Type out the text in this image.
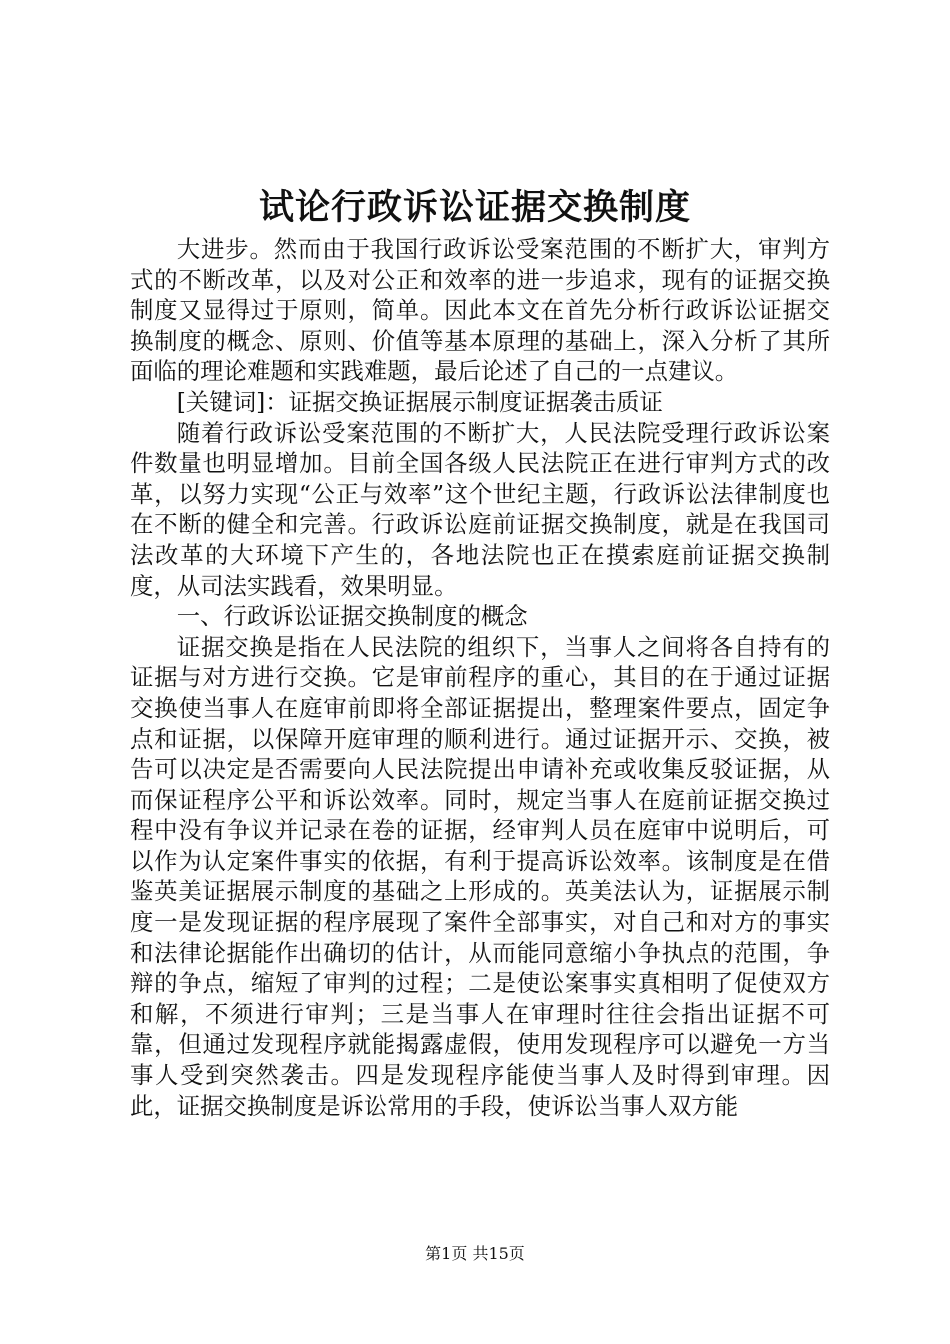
试论行政诉讼证据交换制度

大进步。然而由于我国行政诉讼受案范围的不断扩大，审判方式的不断改革，以及对公正和效率的进一步追求，现有的证据交换制度又显得过于原则，简单。因此本文在首先分析行政诉讼证据交换制度的概念、原则、价值等基本原理的基础上，深入分析了其所面临的理论难题和实践难题，最后论述了自己的一点建议。

[关键词]：证据交换证据展示制度证据袭击质证

随着行政诉讼受案范围的不断扩大，人民法院受理行政诉讼案件数量也明显增加。目前全国各级人民法院正在进行审判方式的改革，以努力实现“公正与效率”这个世纪主题，行政诉讼法律制度也在不断的健全和完善。行政诉讼庭前证据交换制度，就是在我国司法改革的大环境下产生的，各地法院也正在摸索庭前证据交换制度，从司法实践看，效果明显。

一、行政诉讼证据交换制度的概念

证据交换是指在人民法院的组织下，当事人之间将各自持有的证据与对方进行交换。它是审前程序的重心，其目的在于通过证据交换使当事人在庭审前即将全部证据提出，整理案件要点，固定争点和证据，以保障开庭审理的顺利进行。通过证据开示、交换，被告可以决定是否需要向人民法院提出申请补充或收集反驳证据，从而保证程序公平和诉讼效率。同时，规定当事人在庭前证据交换过程中没有争议并记录在卷的证据，经审判人员在庭审中说明后，可以作为认定案件事实的依据，有利于提高诉讼效率。该制度是在借鉴英美证据展示制度的基础之上形成的。英美法认为，证据展示制度一是发现证据的程序展现了案件全部事实，对自己和对方的事实和法律论据能作出确切的估计，从而能同意缩小争执点的范围，争辩的争点，缩短了审判的过程；二是使讼案事实真相明了促使双方和解，不须进行审判；三是当事人在审理时往往会指出证据不可靠，但通过发现程序就能揭露虚假，使用发现程序可以避免一方当事人受到突然袭击。四是发现程序能使当事人及时得到审理。因此，证据交换制度是诉讼常用的手段，使诉讼当事人双方能

第1页 共15页
